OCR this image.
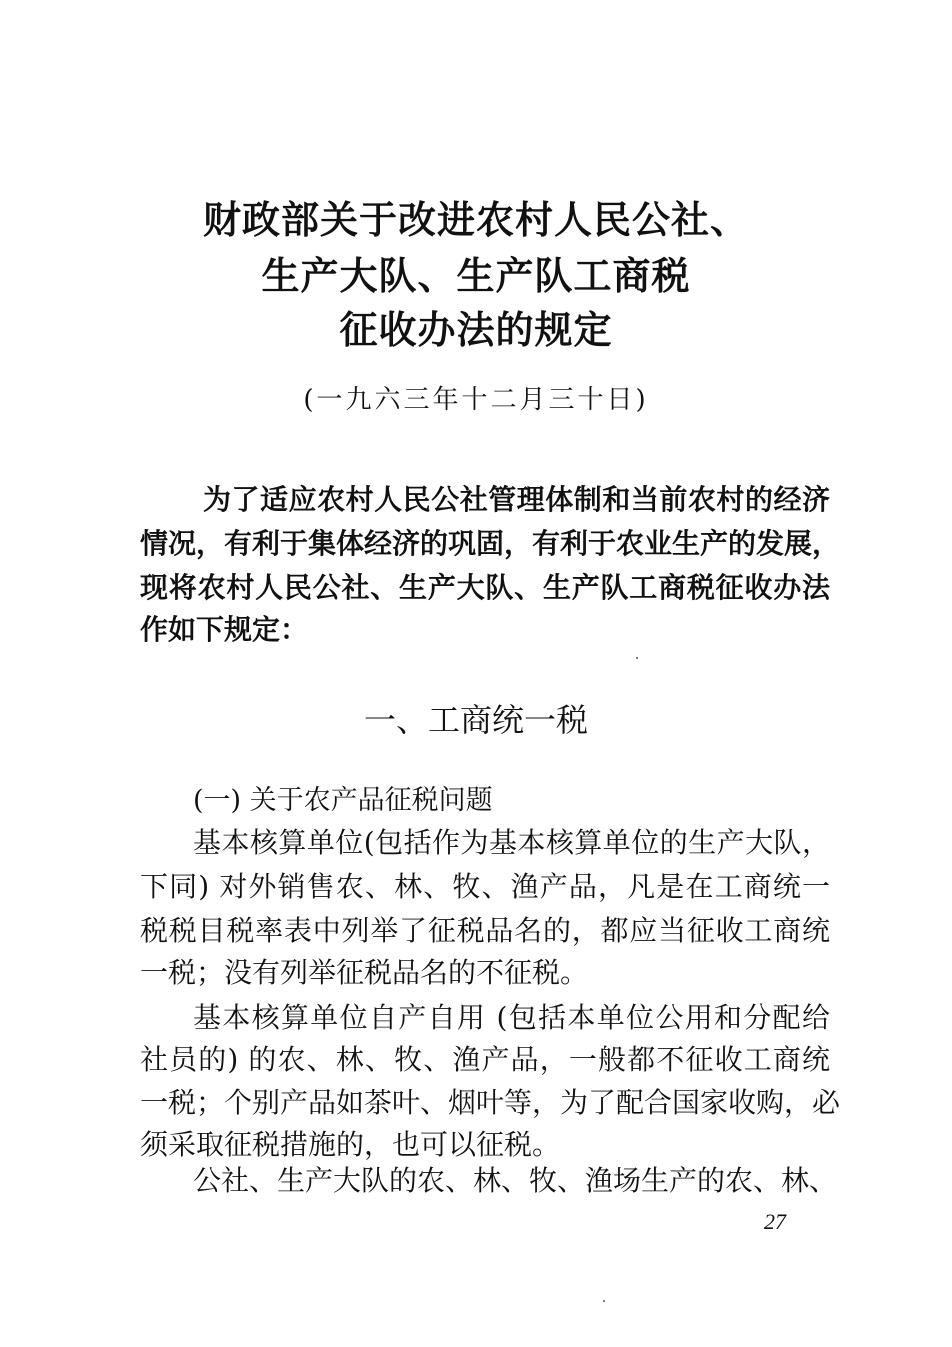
财政部关于改进农村人民公社、
生产大队、生产队工商税
征收办法的规定
(一九六三年十二月三十日)
为了适应农村人民公社管理体制和当前农村的经济
情况，有利于集体经济的巩固，有利于农业生产的发展，
现将农村人民公社、生产大队、生产队工商税征收办法
作如下规定：
一、工商统一税
(一) 关于农产品征税问题
基本核算单位(包括作为基本核算单位的生产大队，
下同) 对外销售农、林、牧、渔产品，凡是在工商统一
税税目税率表中列举了征税品名的，都应当征收工商统
一税；没有列举征税品名的不征税。
基本核算单位自产自用 (包括本单位公用和分配给
社员的) 的农、林、牧、渔产品，一般都不征收工商统
一税；个别产品如茶叶、烟叶等，为了配合国家收购，必
须采取征税措施的，也可以征税。
公社、生产大队的农、林、牧、渔场生产的农、林、
27
